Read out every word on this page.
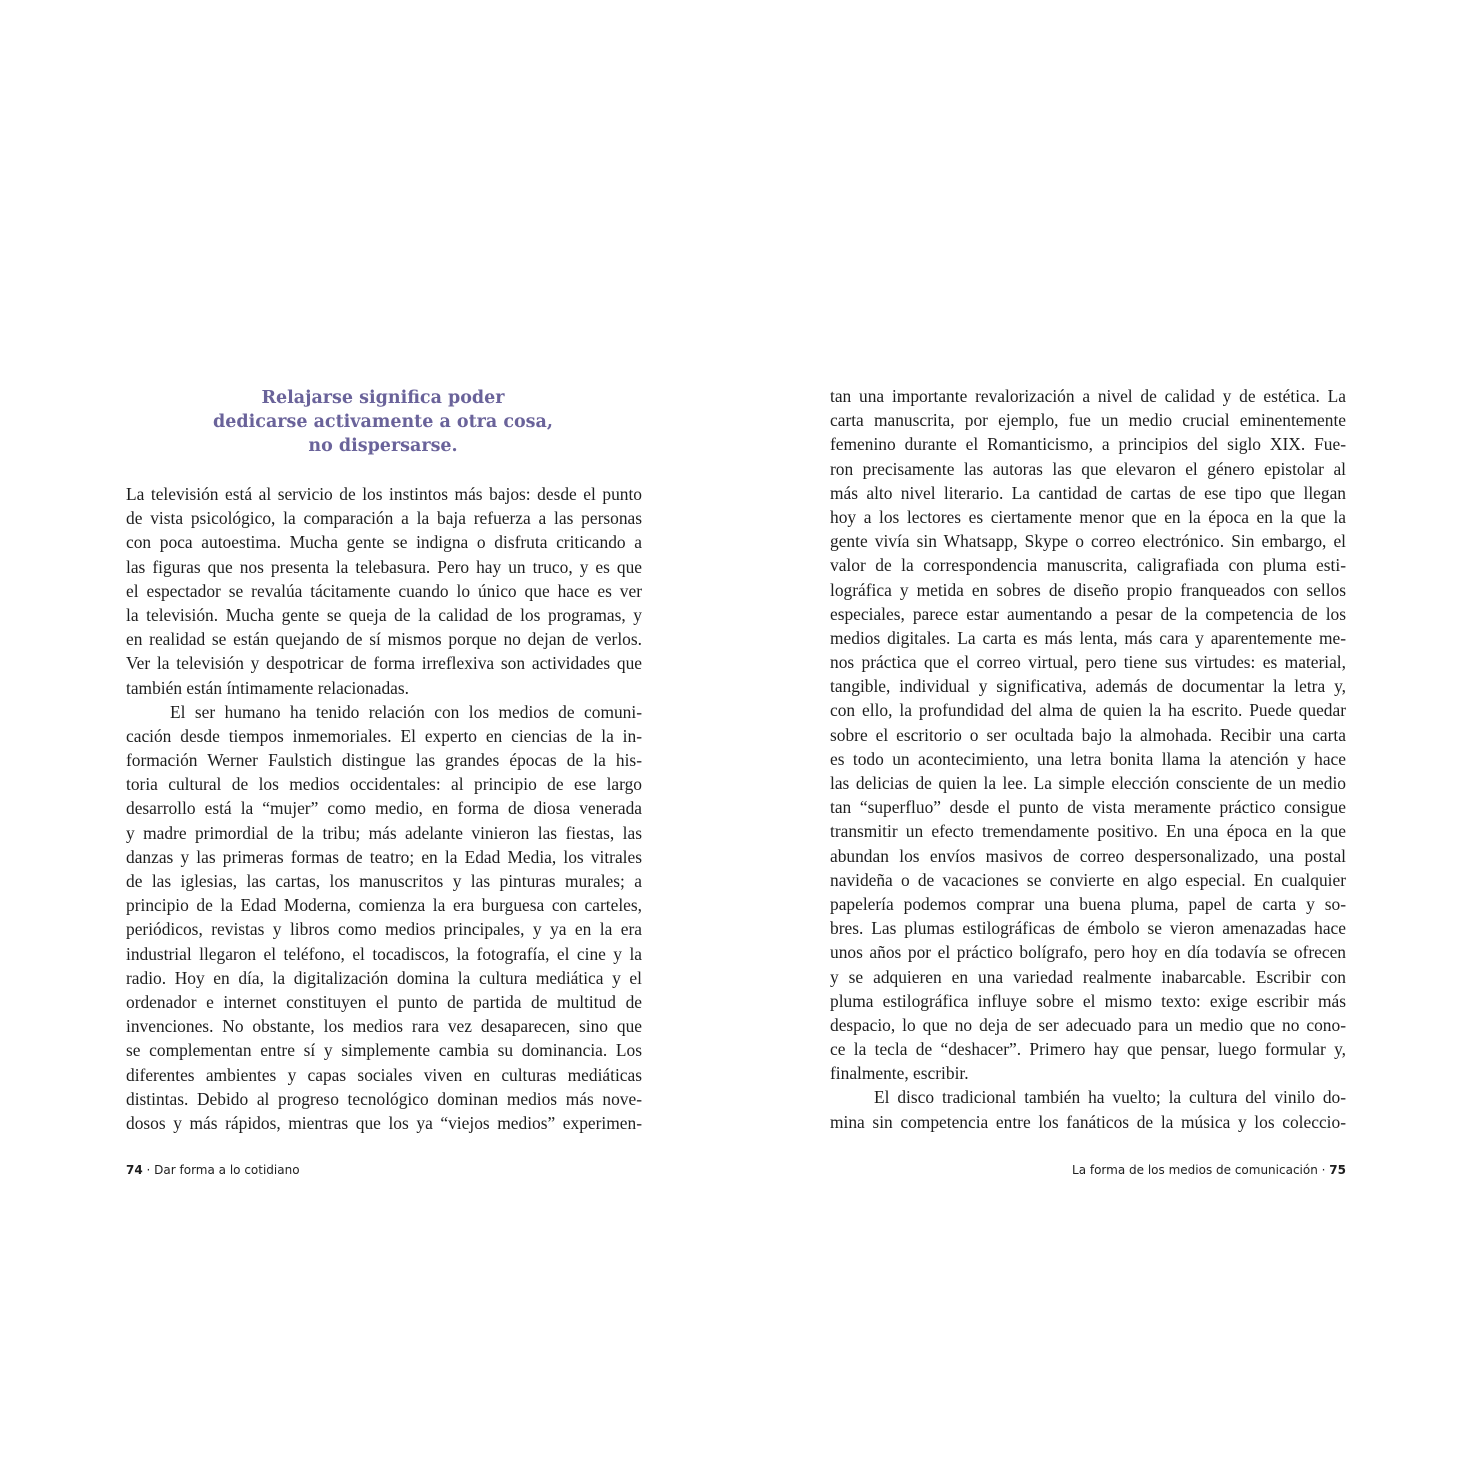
Relajarse significa poder
dedicarse activamente a otra cosa,
no dispersarse.
La televisión está al servicio de los instintos más bajos: desde el punto
de vista psicológico, la comparación a la baja refuerza a las personas
con poca autoestima. Mucha gente se indigna o disfruta criticando a
las figuras que nos presenta la telebasura. Pero hay un truco, y es que
el espectador se revalúa tácitamente cuando lo único que hace es ver
la televisión. Mucha gente se queja de la calidad de los programas, y
en realidad se están quejando de sí mismos porque no dejan de verlos.
Ver la televisión y despotricar de forma irreflexiva son actividades que
también están íntimamente relacionadas.
El ser humano ha tenido relación con los medios de comuni-
cación desde tiempos inmemoriales. El experto en ciencias de la in-
formación Werner Faulstich distingue las grandes épocas de la his-
toria cultural de los medios occidentales: al principio de ese largo
desarrollo está la “mujer” como medio, en forma de diosa venerada
y madre primordial de la tribu; más adelante vinieron las fiestas, las
danzas y las primeras formas de teatro; en la Edad Media, los vitrales
de las iglesias, las cartas, los manuscritos y las pinturas murales; a
principio de la Edad Moderna, comienza la era burguesa con carteles,
periódicos, revistas y libros como medios principales, y ya en la era
industrial llegaron el teléfono, el tocadiscos, la fotografía, el cine y la
radio. Hoy en día, la digitalización domina la cultura mediática y el
ordenador e internet constituyen el punto de partida de multitud de
invenciones. No obstante, los medios rara vez desaparecen, sino que
se complementan entre sí y simplemente cambia su dominancia. Los
diferentes ambientes y capas sociales viven en culturas mediáticas
distintas. Debido al progreso tecnológico dominan medios más nove-
dosos y más rápidos, mientras que los ya “viejos medios” experimen-
74 · Dar forma a lo cotidiano
tan una importante revalorización a nivel de calidad y de estética. La
carta manuscrita, por ejemplo, fue un medio crucial eminentemente
femenino durante el Romanticismo, a principios del siglo XIX. Fue-
ron precisamente las autoras las que elevaron el género epistolar al
más alto nivel literario. La cantidad de cartas de ese tipo que llegan
hoy a los lectores es ciertamente menor que en la época en la que la
gente vivía sin Whatsapp, Skype o correo electrónico. Sin embargo, el
valor de la correspondencia manuscrita, caligrafiada con pluma esti-
lográfica y metida en sobres de diseño propio franqueados con sellos
especiales, parece estar aumentando a pesar de la competencia de los
medios digitales. La carta es más lenta, más cara y aparentemente me-
nos práctica que el correo virtual, pero tiene sus virtudes: es material,
tangible, individual y significativa, además de documentar la letra y,
con ello, la profundidad del alma de quien la ha escrito. Puede quedar
sobre el escritorio o ser ocultada bajo la almohada. Recibir una carta
es todo un acontecimiento, una letra bonita llama la atención y hace
las delicias de quien la lee. La simple elección consciente de un medio
tan “superfluo” desde el punto de vista meramente práctico consigue
transmitir un efecto tremendamente positivo. En una época en la que
abundan los envíos masivos de correo despersonalizado, una postal
navideña o de vacaciones se convierte en algo especial. En cualquier
papelería podemos comprar una buena pluma, papel de carta y so-
bres. Las plumas estilográficas de émbolo se vieron amenazadas hace
unos años por el práctico bolígrafo, pero hoy en día todavía se ofrecen
y se adquieren en una variedad realmente inabarcable. Escribir con
pluma estilográfica influye sobre el mismo texto: exige escribir más
despacio, lo que no deja de ser adecuado para un medio que no cono-
ce la tecla de “deshacer”. Primero hay que pensar, luego formular y,
finalmente, escribir.
El disco tradicional también ha vuelto; la cultura del vinilo do-
mina sin competencia entre los fanáticos de la música y los coleccio-
La forma de los medios de comunicación · 75
